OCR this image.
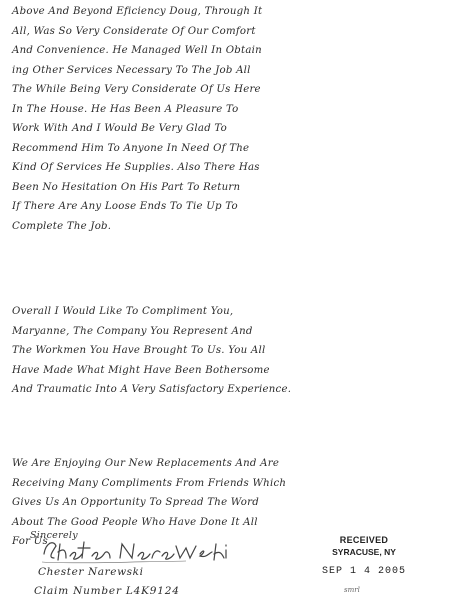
Above And Beyond Eficiency Doug, Through It
All, Was So Very Considerate Of Our Comfort
And Convenience. He Managed Well In Obtain
ing Other Services Necessary To The Job All
The While Being Very Considerate Of Us Here
In The House. He Has Been A Pleasure To
Work With And I Would Be Very Glad To
Recommend Him To Anyone In Need Of The
Kind Of Services He Supplies. Also There Has
Been No Hesitation On His Part To Return
If There Are Any Loose Ends To Tie Up To
Complete The Job.
Overall I Would Like To Compliment You,
Maryanne, The Company You Represent And
The Workmen You Have Brought To Us. You All
Have Made What Might Have Been Bothersome
And Traumatic Into A Very Satisfactory Experience.
We Are Enjoying Our New Replacements And Are
Receiving Many Compliments From Friends Which
Gives Us An Opportunity To Spread The Word
About The Good People Who Have Done It All
For Us.
Sincerely
Chester Narewski
Claim Number L4K9124
RECEIVED
SYRACUSE, NY
SEP 1 4 2005
smrl
